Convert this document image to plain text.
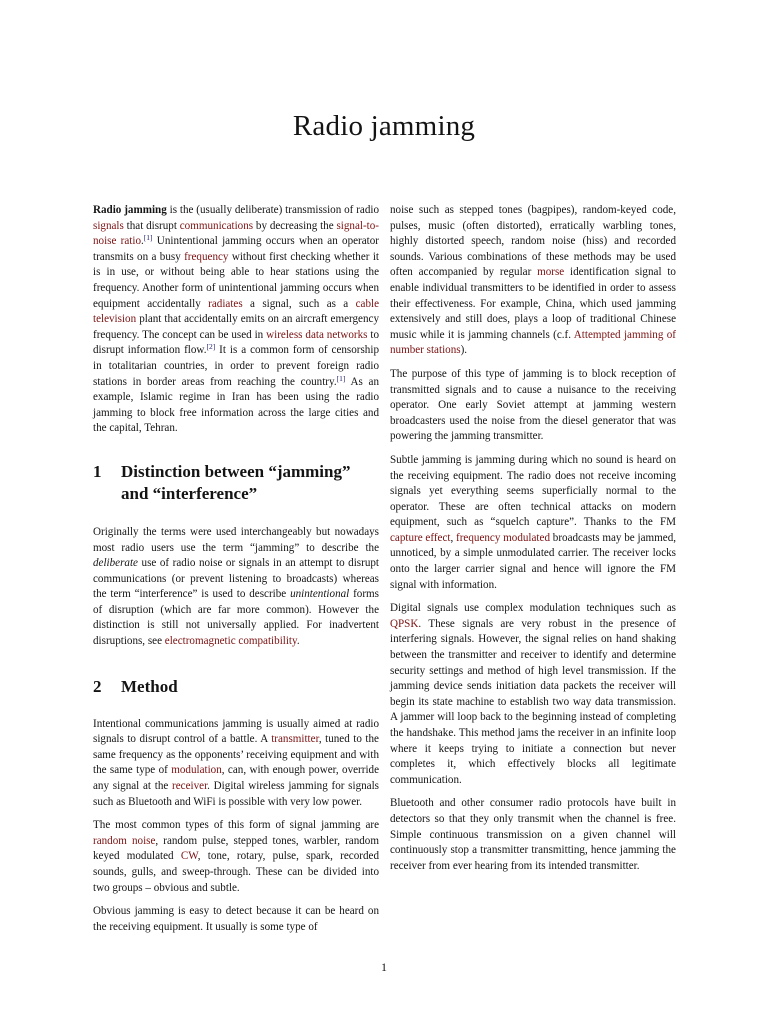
Radio jamming

Radio jamming is the (usually deliberate) transmission of radio signals that disrupt communications by decreasing the signal-to-noise ratio.[1] Unintentional jamming occurs when an operator transmits on a busy frequency without first checking whether it is in use, or without being able to hear stations using the frequency. Another form of unintentional jamming occurs when equipment accidentally radiates a signal, such as a cable television plant that accidentally emits on an aircraft emergency frequency. The concept can be used in wireless data networks to disrupt information flow.[2] It is a common form of censorship in totalitarian countries, in order to prevent foreign radio stations in border areas from reaching the country.[1] As an example, Islamic regime in Iran has been using the radio jamming to block free information across the large cities and the capital, Tehran.

1	Distinction between “jamming” and “interference”

Originally the terms were used interchangeably but nowadays most radio users use the term “jamming” to describe the deliberate use of radio noise or signals in an attempt to disrupt communications (or prevent listening to broadcasts) whereas the term “interference” is used to describe unintentional forms of disruption (which are far more common). However the distinction is still not universally applied. For inadvertent disruptions, see electromagnetic compatibility.

2	Method

Intentional communications jamming is usually aimed at radio signals to disrupt control of a battle. A transmitter, tuned to the same frequency as the opponents’ receiving equipment and with the same type of modulation, can, with enough power, override any signal at the receiver. Digital wireless jamming for signals such as Bluetooth and WiFi is possible with very low power.

The most common types of this form of signal jamming are random noise, random pulse, stepped tones, warbler, random keyed modulated CW, tone, rotary, pulse, spark, recorded sounds, gulls, and sweep-through. These can be divided into two groups – obvious and subtle.

Obvious jamming is easy to detect because it can be heard on the receiving equipment. It usually is some type of

noise such as stepped tones (bagpipes), random-keyed code, pulses, music (often distorted), erratically warbling tones, highly distorted speech, random noise (hiss) and recorded sounds. Various combinations of these methods may be used often accompanied by regular morse identification signal to enable individual transmitters to be identified in order to assess their effectiveness. For example, China, which used jamming extensively and still does, plays a loop of traditional Chinese music while it is jamming channels (c.f. Attempted jamming of number stations).

The purpose of this type of jamming is to block reception of transmitted signals and to cause a nuisance to the receiving operator. One early Soviet attempt at jamming western broadcasters used the noise from the diesel generator that was powering the jamming transmitter.

Subtle jamming is jamming during which no sound is heard on the receiving equipment. The radio does not receive incoming signals yet everything seems superficially normal to the operator. These are often technical attacks on modern equipment, such as “squelch capture”. Thanks to the FM capture effect, frequency modulated broadcasts may be jammed, unnoticed, by a simple unmodulated carrier. The receiver locks onto the larger carrier signal and hence will ignore the FM signal with information.

Digital signals use complex modulation techniques such as QPSK. These signals are very robust in the presence of interfering signals. However, the signal relies on hand shaking between the transmitter and receiver to identify and determine security settings and method of high level transmission. If the jamming device sends initiation data packets the receiver will begin its state machine to establish two way data transmission. A jammer will loop back to the beginning instead of completing the handshake. This method jams the receiver in an infinite loop where it keeps trying to initiate a connection but never completes it, which effectively blocks all legitimate communication.

Bluetooth and other consumer radio protocols have built in detectors so that they only transmit when the channel is free. Simple continuous transmission on a given channel will continuously stop a transmitter transmitting, hence jamming the receiver from ever hearing from its intended transmitter.

1
